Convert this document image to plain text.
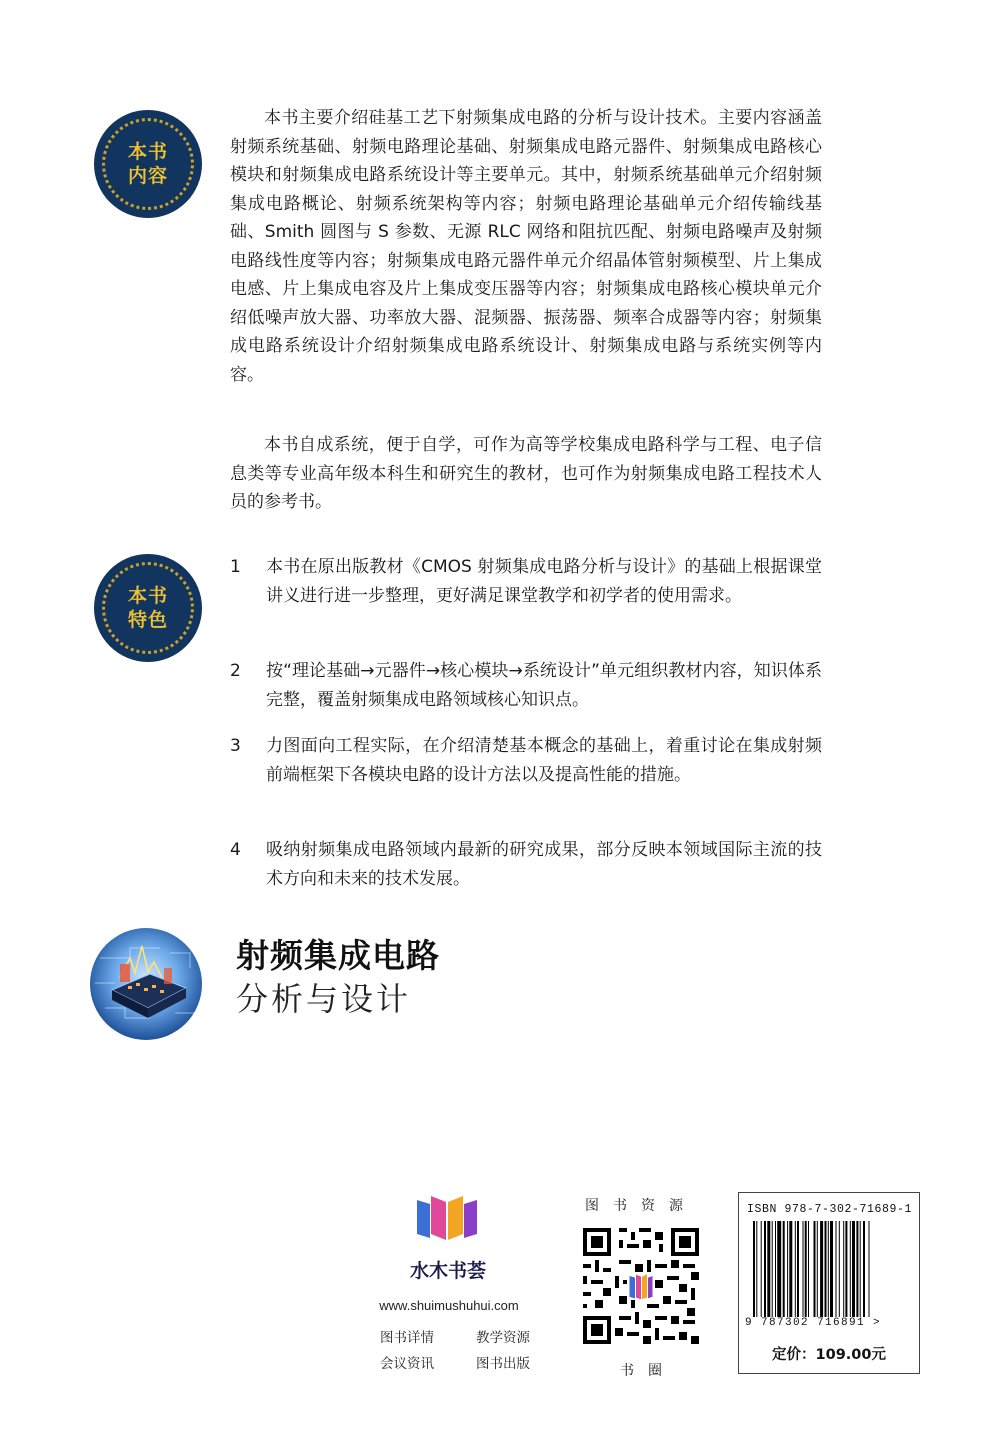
本书
内容

本书主要介绍硅基工艺下射频集成电路的分析与设计技术。主要内容涵盖射频系统基础、射频电路理论基础、射频集成电路元器件、射频集成电路核心模块和射频集成电路系统设计等主要单元。其中，射频系统基础单元介绍射频集成电路概论、射频系统架构等内容；射频电路理论基础单元介绍传输线基础、Smith 圆图与 S 参数、无源 RLC 网络和阻抗匹配、射频电路噪声及射频电路线性度等内容；射频集成电路元器件单元介绍晶体管射频模型、片上集成电感、片上集成电容及片上集成变压器等内容；射频集成电路核心模块单元介绍低噪声放大器、功率放大器、混频器、振荡器、频率合成器等内容；射频集成电路系统设计介绍射频集成电路系统设计、射频集成电路与系统实例等内容。

本书自成系统，便于自学，可作为高等学校集成电路科学与工程、电子信息类等专业高年级本科生和研究生的教材，也可作为射频集成电路工程技术人员的参考书。

本书
特色
1	本书在原出版教材《CMOS 射频集成电路分析与设计》的基础上根据课堂讲义进行进一步整理，更好满足课堂教学和初学者的使用需求。
2	按“理论基础→元器件→核心模块→系统设计”单元组织教材内容，知识体系完整，覆盖射频集成电路领域核心知识点。
3	力图面向工程实际，在介绍清楚基本概念的基础上，着重讨论在集成射频前端框架下各模块电路的设计方法以及提高性能的措施。
4	吸纳射频集成电路领域内最新的研究成果，部分反映本领域国际主流的技术方向和未来的技术发展。
射频集成电路
分析与设计
水木书荟
www.shuimushuhui.com
图书详情	教学资源
会议资讯	图书出版
图书资源
书圈
ISBN 978-7-302-71689-1
9 787302 716891 >
定价：109.00元
